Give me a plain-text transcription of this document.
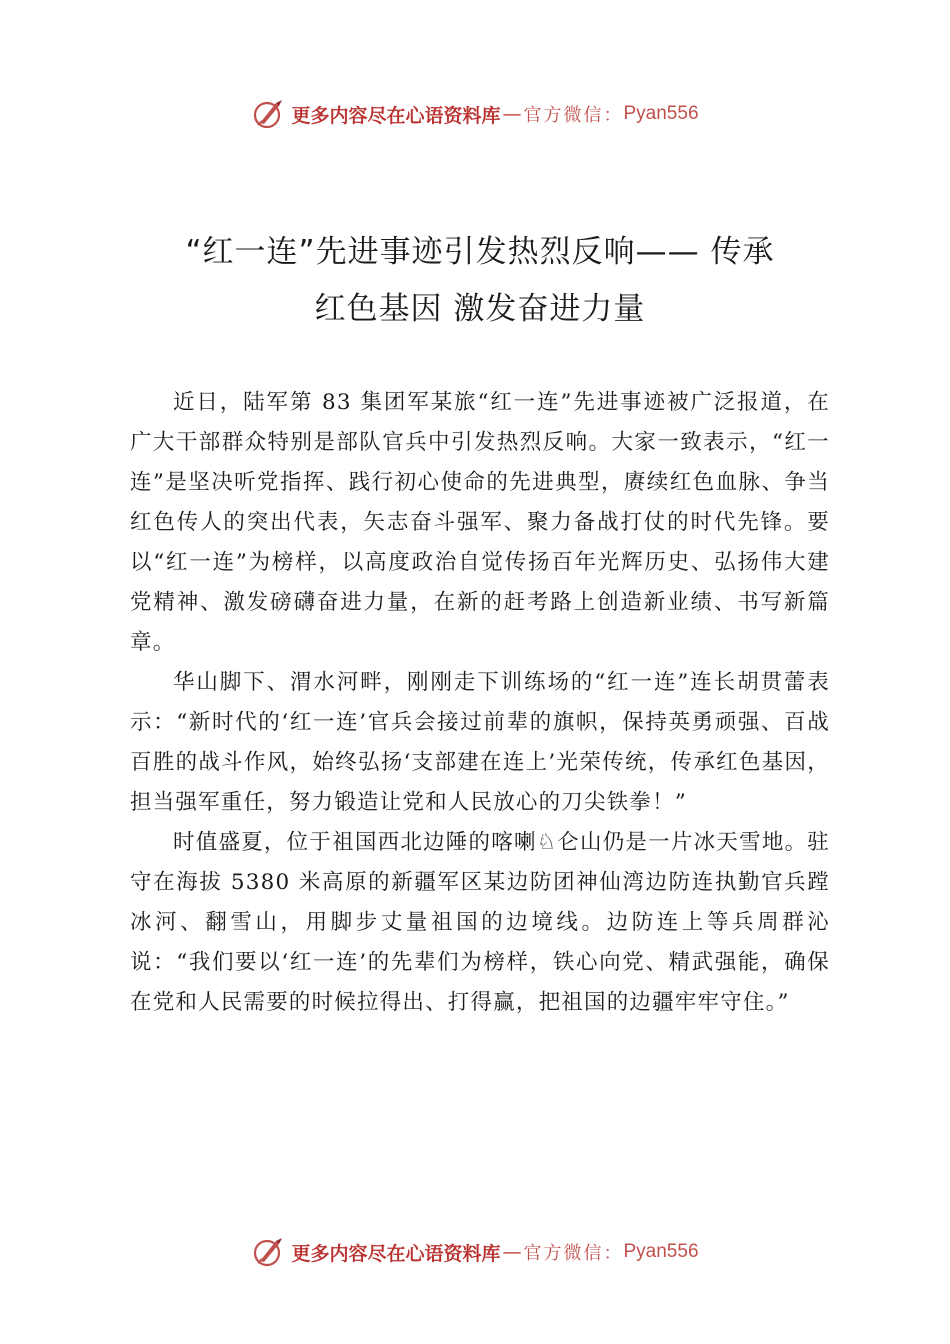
更多内容尽在心语资料库 — 官方微信： Pyan556
“红一连”先进事迹引发热烈反响—— 传承
红色基因 激发奋进力量

近日，陆军第 83 集团军某旅“红一连”先进事迹被广泛报道，在广大干部群众特别是部队官兵中引发热烈反响。大家一致表示，“红一连”是坚决听党指挥、践行初心使命的先进典型，赓续红色血脉、争当红色传人的突出代表，矢志奋斗强军、聚力备战打仗的时代先锋。要以“红一连”为榜样，以高度政治自觉传扬百年光辉历史、弘扬伟大建党精神、激发磅礴奋进力量，在新的赶考路上创造新业绩、书写新篇章。

华山脚下、渭水河畔，刚刚走下训练场的“红一连”连长胡贯蕾表示：“新时代的‘红一连’官兵会接过前辈的旗帜，保持英勇顽强、百战百胜的战斗作风，始终弘扬‘支部建在连上’光荣传统，传承红色基因，担当强军重任，努力锻造让党和人民放心的刀尖铁拳！”

时值盛夏，位于祖国西北边陲的喀喇♘仑山仍是一片冰天雪地。驻守在海拔 5380 米高原的新疆军区某边防团神仙湾边防连执勤官兵蹚冰河、翻雪山，用脚步丈量祖国的边境线。边防连上等兵周群沁说：“我们要以‘红一连’的先辈们为榜样，铁心向党、精武强能，确保在党和人民需要的时候拉得出、打得赢，把祖国的边疆牢牢守住。”

更多内容尽在心语资料库 — 官方微信： Pyan556
